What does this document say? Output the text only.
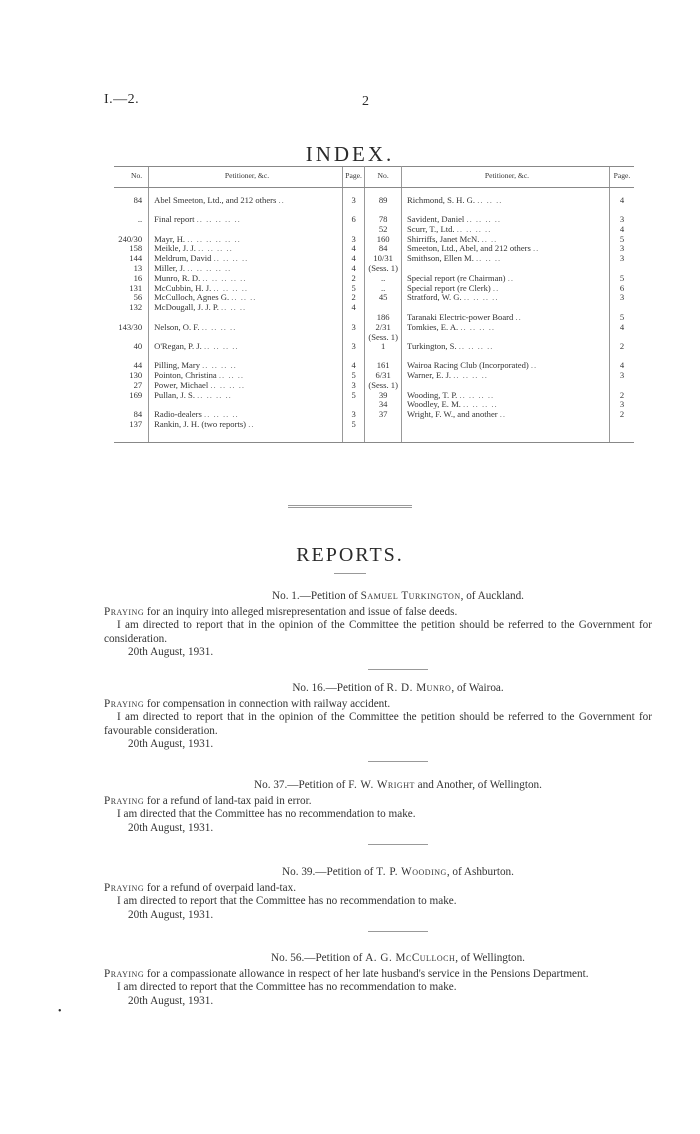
I.—2.	2
INDEX.
No.	Petitioner, &c.	Page.	No.	Petitioner, &c.	Page.

84	Abel Smeeton, Ltd., and 212 others ..	3	89	Richmond, S. H. G. .. .. ..	4

..	Final report .. .. .. .. ..	6	78	Savident, Daniel .. .. .. ..	3
			52	Scurr, T., Ltd. .. .. .. ..	4
240/30	Mayr, H. .. .. .. .. .. ..	3	160	Shirriffs, Janet McN. .. ..	5
158	Meikle, J. J. .. .. .. ..	4	84	Smeeton, Ltd., Abel, and 212 others ..	3
144	Meldrum, David .. .. .. ..	4	10/31	Smithson, Ellen M. .. .. ..	3
13	Miller, J. .. .. .. .. ..	4	(Sess. 1)		
16	Munro, R. D. .. .. .. .. ..	2	..	Special report (re Chairman) ..	5
131	McCubbin, H. J. .. .. .. ..	5	..	Special report (re Clerk) ..	6
56	McCulloch, Agnes G. .. .. ..	2	45	Stratford, W. G. .. .. .. ..	3
132	McDougall, J. J. P. .. .. ..	4			
			186	Taranaki Electric-power Board ..	5
143/30	Nelson, O. F. .. .. .. ..	3	2/31	Tomkies, E. A. .. .. .. ..	4
			(Sess. 1)		
40	O'Regan, P. J. .. .. .. ..	3	1	Turkington, S. .. .. .. ..	2

44	Pilling, Mary .. .. .. ..	4	161	Wairoa Racing Club (Incorporated) ..	4
130	Pointon, Christina .. .. ..	5	6/31	Warner, E. J. .. .. .. ..	3
27	Power, Michael .. .. .. ..	3	(Sess. 1)		
169	Pullan, J. S. .. .. .. ..	5	39	Wooding, T. P. .. .. .. ..	2
			34	Woodley, E. M. .. .. .. ..	3
84	Radio-dealers .. .. .. ..	3	37	Wright, F. W., and another ..	2
137	Rankin, J. H. (two reports) ..	5			
REPORTS.
No. 1.—Petition of Samuel Turkington, of Auckland.

Praying for an inquiry into alleged misrepresentation and issue of false deeds.

I am directed to report that in the opinion of the Committee the petition should be referred to the Government for consideration.

20th August, 1931.
No. 16.—Petition of R. D. Munro, of Wairoa.

Praying for compensation in connection with railway accident.

I am directed to report that in the opinion of the Committee the petition should be referred to the Government for favourable consideration.

20th August, 1931.
No. 37.—Petition of F. W. Wright and Another, of Wellington.

Praying for a refund of land-tax paid in error.

I am directed that the Committee has no recommendation to make.

20th August, 1931.
No. 39.—Petition of T. P. Wooding, of Ashburton.

Praying for a refund of overpaid land-tax.

I am directed to report that the Committee has no recommendation to make.

20th August, 1931.
No. 56.—Petition of A. G. McCulloch, of Wellington.

Praying for a compassionate allowance in respect of her late husband's service in the Pensions Department.

I am directed to report that the Committee has no recommendation to make.

20th August, 1931.
•
